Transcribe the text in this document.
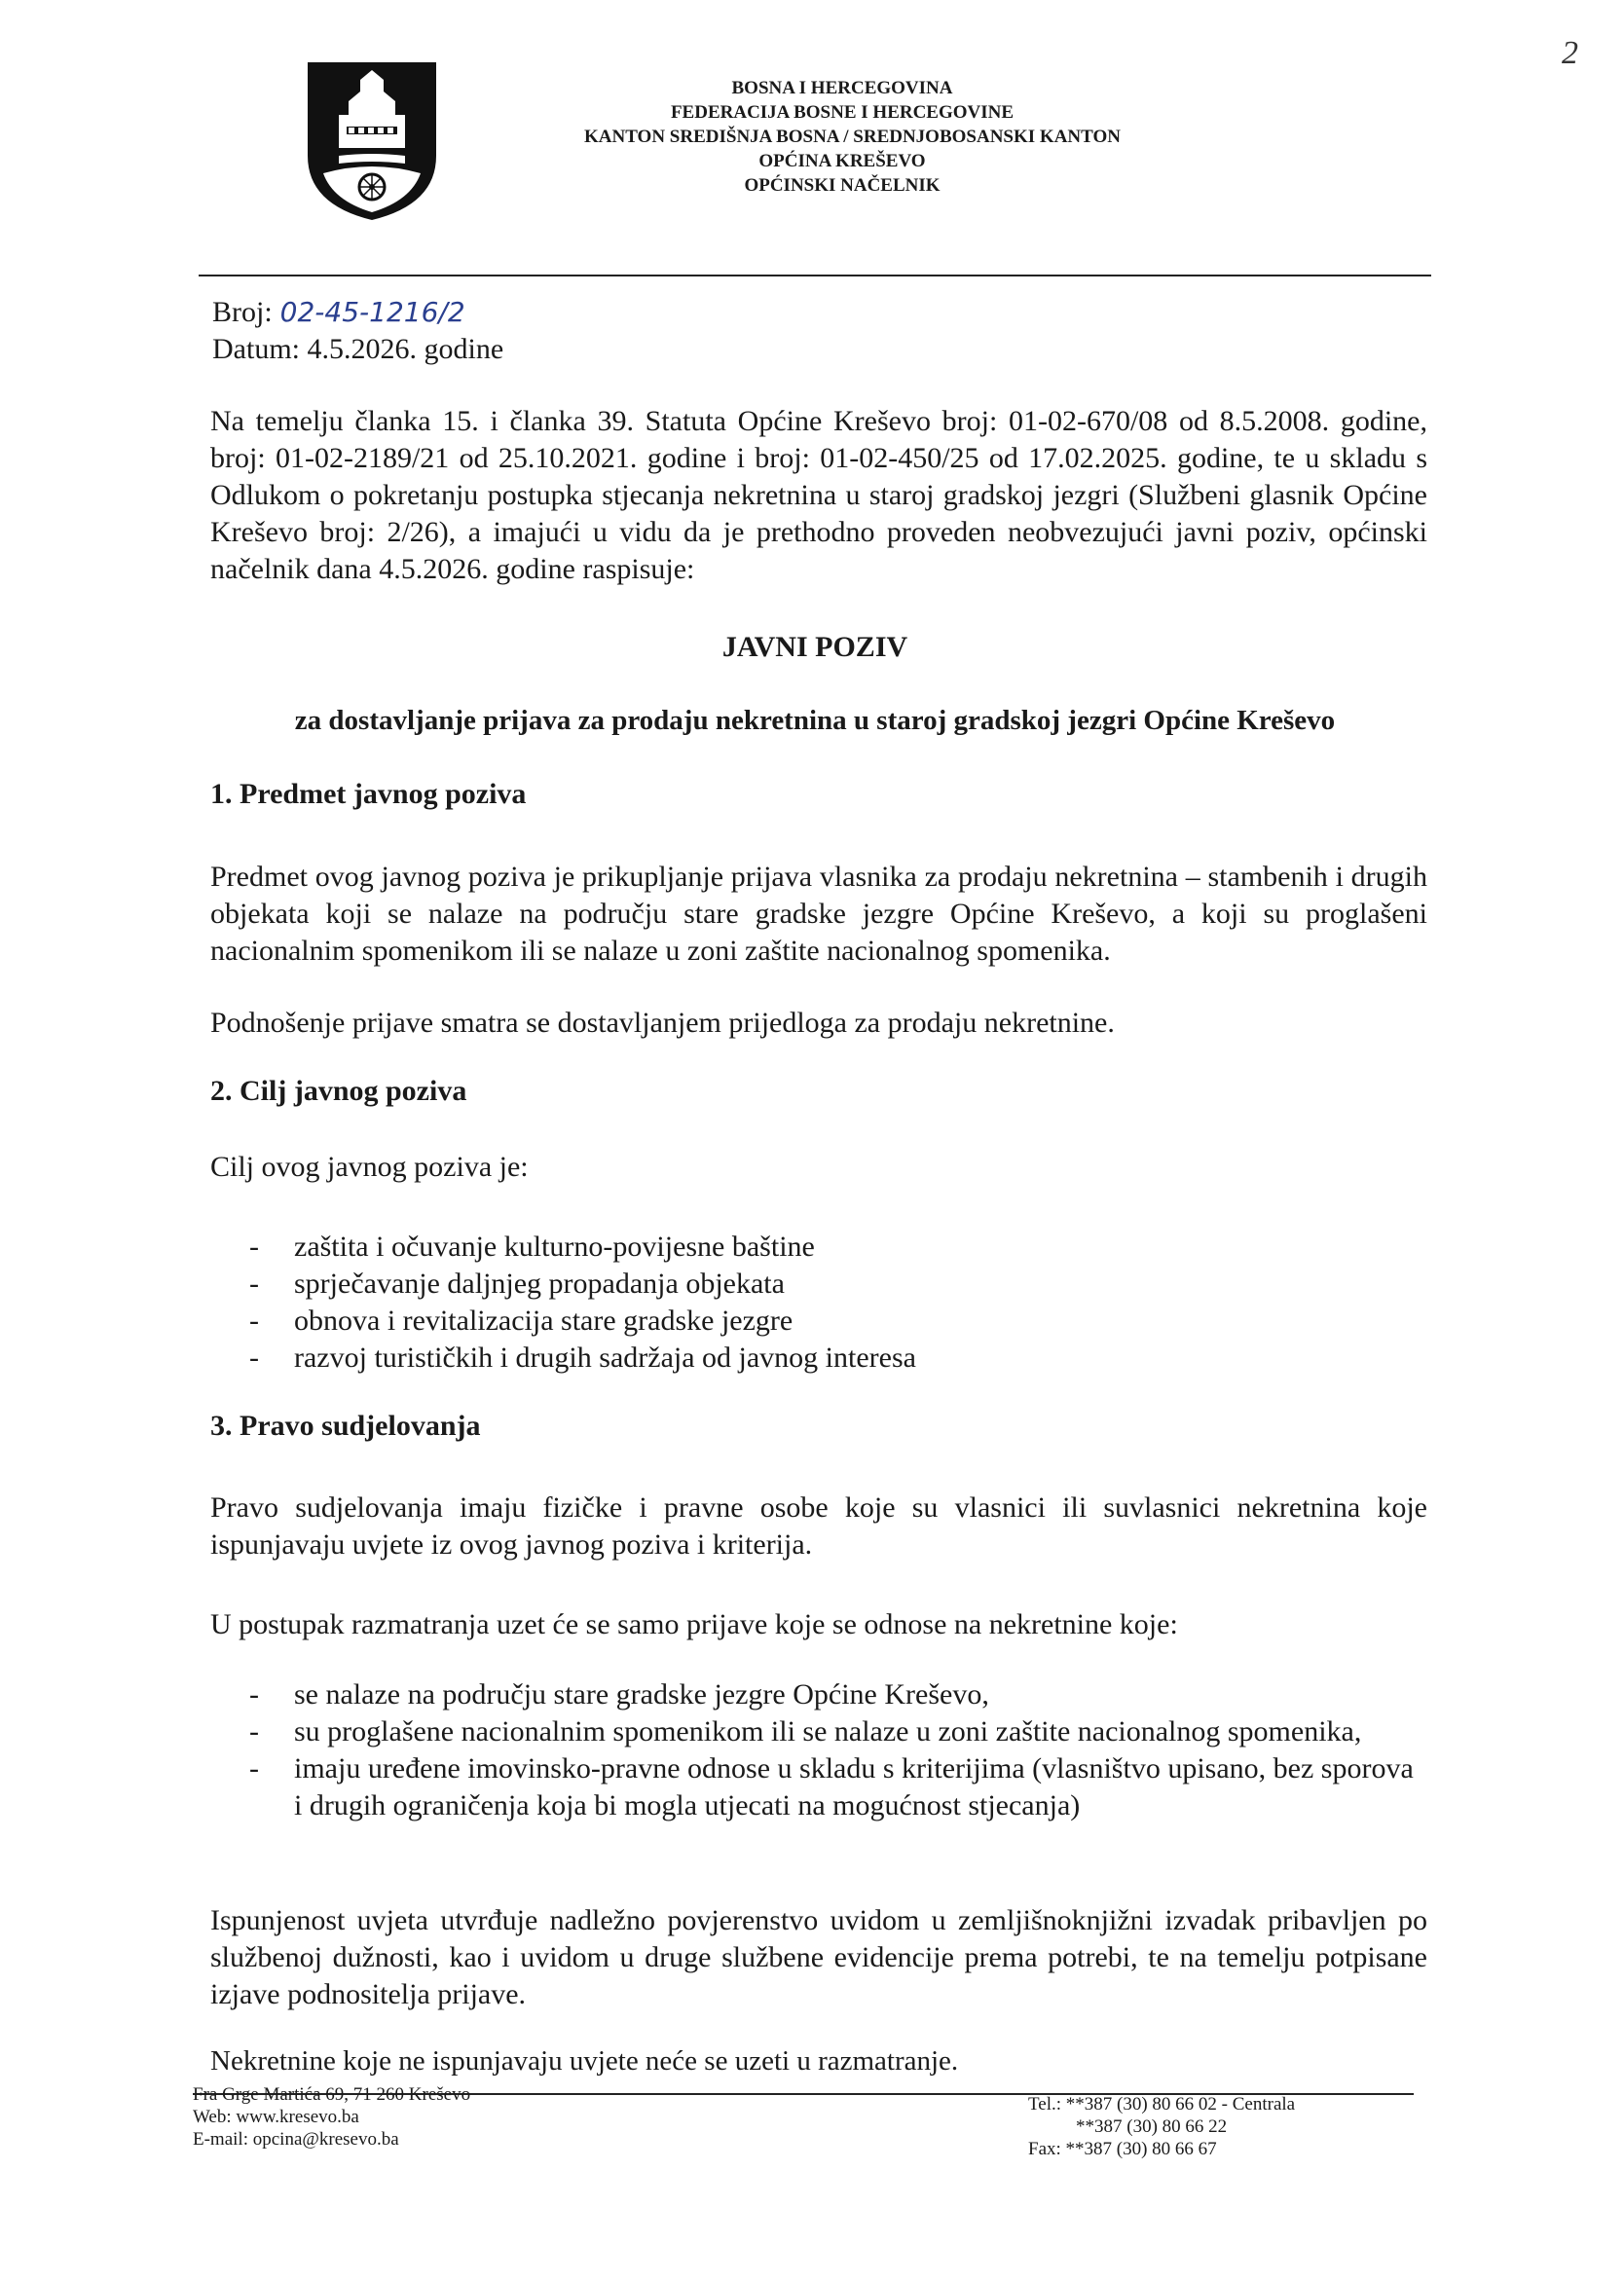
2
BOSNA I HERCEGOVINA
FEDERACIJA BOSNE I HERCEGOVINE
KANTON SREDIŠNJA BOSNA / SREDNJOBOSANSKI KANTON
OPĆINA KREŠEVO
OPĆINSKI NAČELNIK
Broj: 02-45-1216/2
Datum: 4.5.2026. godine
Na temelju članka 15. i članka 39. Statuta Općine Kreševo broj: 01-02-670/08 od 8.5.2008. godine, broj: 01-02-2189/21 od 25.10.2021. godine i broj: 01-02-450/25 od 17.02.2025. godine, te u skladu s Odlukom o pokretanju postupka stjecanja nekretnina u staroj gradskoj jezgri (Službeni glasnik Općine Kreševo broj: 2/26), a imajući u vidu da je prethodno proveden neobvezujući javni poziv, općinski načelnik dana 4.5.2026. godine raspisuje:
JAVNI POZIV
za dostavljanje prijava za prodaju nekretnina u staroj gradskoj jezgri Općine Kreševo
1. Predmet javnog poziva
Predmet ovog javnog poziva je prikupljanje prijava vlasnika za prodaju nekretnina – stambenih i drugih objekata koji se nalaze na području stare gradske jezgre Općine Kreševo, a koji su proglašeni nacionalnim spomenikom ili se nalaze u zoni zaštite nacionalnog spomenika.
Podnošenje prijave smatra se dostavljanjem prijedloga za prodaju nekretnine.
2. Cilj javnog poziva
Cilj ovog javnog poziva je:
- zaštita i očuvanje kulturno-povijesne baštine
- sprječavanje daljnjeg propadanja objekata
- obnova i revitalizacija stare gradske jezgre
- razvoj turističkih i drugih sadržaja od javnog interesa
3. Pravo sudjelovanja
Pravo sudjelovanja imaju fizičke i pravne osobe koje su vlasnici ili suvlasnici nekretnina koje ispunjavaju uvjete iz ovog javnog poziva i kriterija.
U postupak razmatranja uzet će se samo prijave koje se odnose na nekretnine koje:
- se nalaze na području stare gradske jezgre Općine Kreševo,
- su proglašene nacionalnim spomenikom ili se nalaze u zoni zaštite nacionalnog spomenika,
- imaju uređene imovinsko-pravne odnose u skladu s kriterijima (vlasništvo upisano, bez sporova i drugih ograničenja koja bi mogla utjecati na mogućnost stjecanja)
Ispunjenost uvjeta utvrđuje nadležno povjerenstvo uvidom u zemljišnoknjižni izvadak pribavljen po službenoj dužnosti, kao i uvidom u druge službene evidencije prema potrebi, te na temelju potpisane izjave podnositelja prijave.
Nekretnine koje ne ispunjavaju uvjete neće se uzeti u razmatranje.
Fra Grge Martića 69, 71 260 Kreševo
Web: www.kresevo.ba
E-mail: opcina@kresevo.ba
Tel.: **387 (30) 80 66 02 - Centrala
**387 (30) 80 66 22
Fax: **387 (30) 80 66 67
